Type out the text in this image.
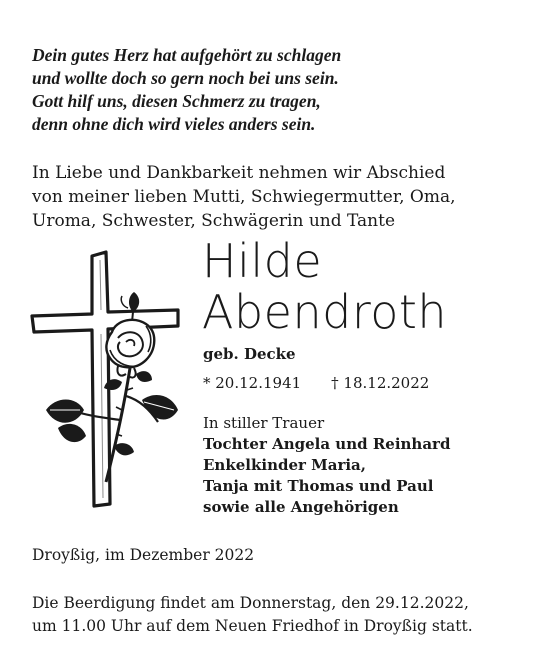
Dein gutes Herz hat aufgehört zu schlagen
und wollte doch so gern noch bei uns sein.
Gott hilf uns, diesen Schmerz zu tragen,
denn ohne dich wird vieles anders sein.
In Liebe und Dankbarkeit nehmen wir Abschied
von meiner lieben Mutti, Schwiegermutter, Oma,
Uroma, Schwester, Schwägerin und Tante
Hilde
Abendroth
geb. Decke
* 20.12.1941 † 18.12.2022
In stiller Trauer
Tochter Angela und Reinhard
Enkelkinder Maria,
Tanja mit Thomas und Paul
sowie alle Angehörigen
Droyßig, im Dezember 2022
Die Beerdigung findet am Donnerstag, den 29.12.2022,
um 11.00 Uhr auf dem Neuen Friedhof in Droyßig statt.
